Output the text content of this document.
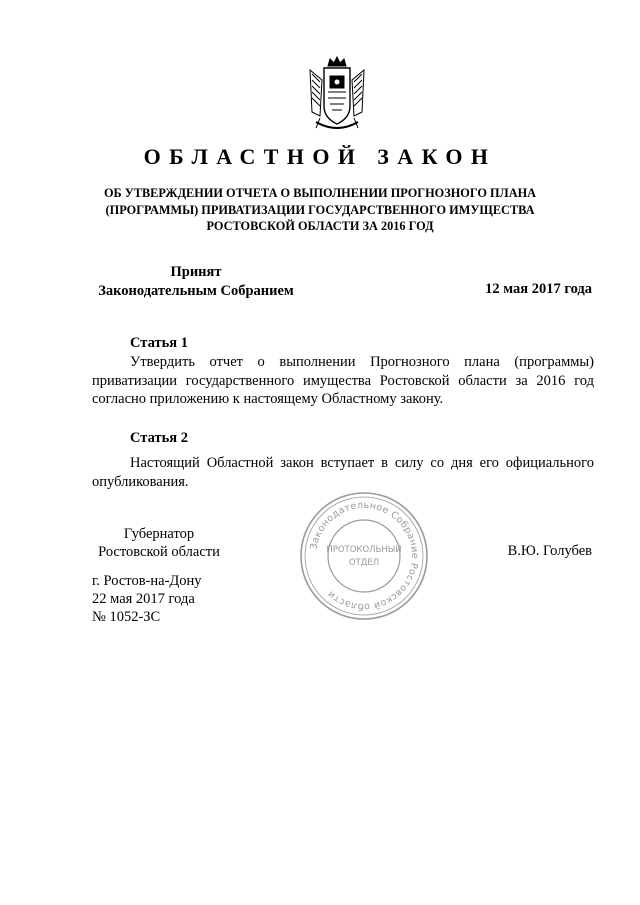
ОБЛАСТНОЙ ЗАКОН
ОБ УТВЕРЖДЕНИИ ОТЧЕТА О ВЫПОЛНЕНИИ ПРОГНОЗНОГО ПЛАНА
(ПРОГРАММЫ) ПРИВАТИЗАЦИИ ГОСУДАРСТВЕННОГО ИМУЩЕСТВА
РОСТОВСКОЙ ОБЛАСТИ ЗА 2016 ГОД
Принят
Законодательным Собранием	12 мая 2017 года
Статья 1
Утвердить отчет о выполнении Прогнозного плана (программы) приватизации государственного имущества Ростовской области за 2016 год согласно приложению к настоящему Областному закону.
Статья 2
Настоящий Областной закон вступает в силу со дня его официального опубликования.
Губернатор
Ростовской области	В.Ю. Голубев
г. Ростов-на-Дону
22 мая 2017 года
№ 1052-ЗС
Законодательное Собрание Ростовской области
ПРОТОКОЛЬНЫЙ
ОТДЕЛ
